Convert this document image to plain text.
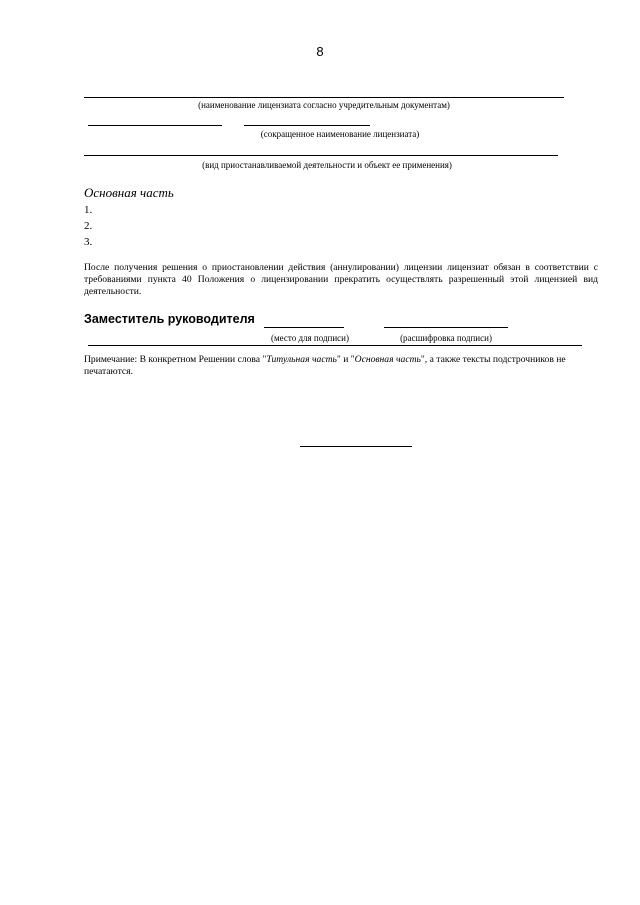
8
(наименование лицензиата согласно учредительным документам)
(сокращенное наименование лицензиата)
(вид приостанавливаемой деятельности и объект ее применения)
Основная часть
1.
2.
3.
После получения решения о приостановлении действия (аннулировании) лицензии лицензиат обязан в соответствии с требованиями пункта 40 Положения о лицензировании прекратить осуществлять разрешенный этой лицензией вид деятельности.
Заместитель руководителя
(место для подписи)	(расшифровка подписи)
Примечание: В конкретном Решении слова "Титульная часть" и "Основная часть", а также тексты подстрочников не печатаются.
